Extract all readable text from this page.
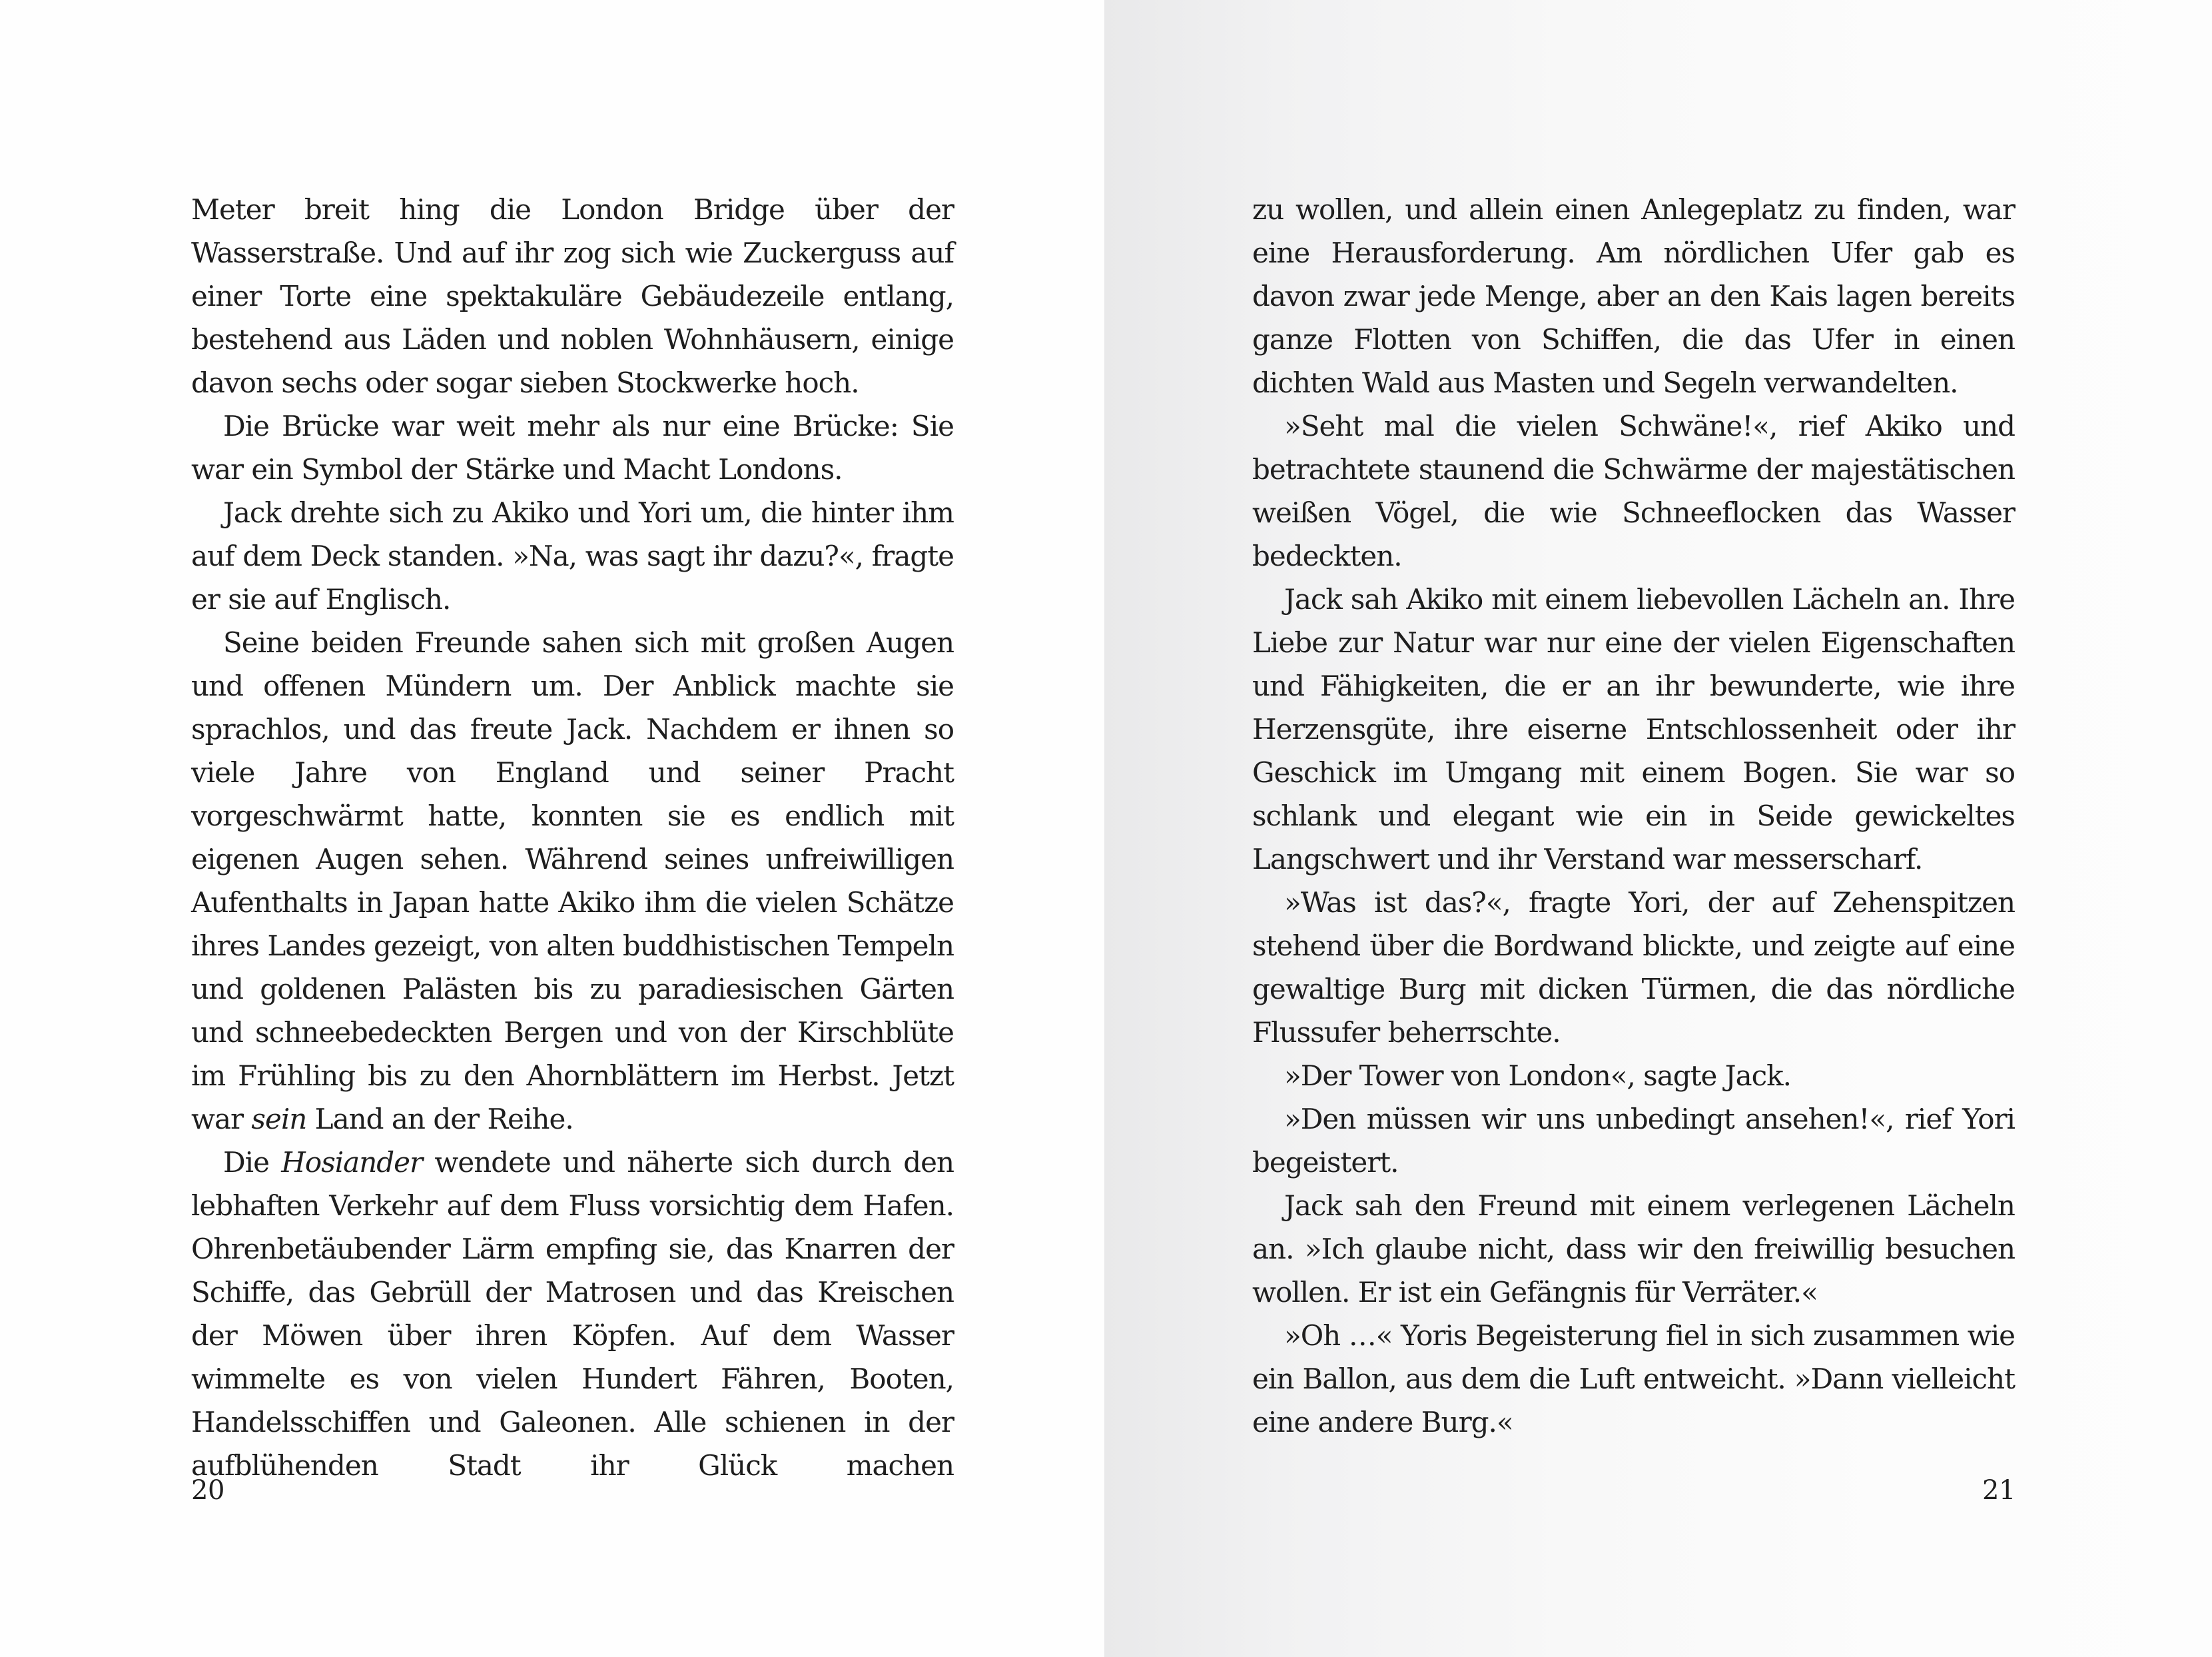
Meter breit hing die London Bridge über der Wasserstraße. Und auf ihr zog sich wie Zuckerguss auf einer Torte eine spektakuläre Gebäudezeile entlang, bestehend aus Läden und noblen Wohnhäusern, einige davon sechs oder sogar sieben Stockwerke hoch.

Die Brücke war weit mehr als nur eine Brücke: Sie war ein Symbol der Stärke und Macht Londons.

Jack drehte sich zu Akiko und Yori um, die hinter ihm auf dem Deck standen. »Na, was sagt ihr dazu?«, fragte er sie auf Englisch.

Seine beiden Freunde sahen sich mit großen Augen und offenen Mündern um. Der Anblick machte sie sprachlos, und das freute Jack. Nachdem er ihnen so viele Jahre von England und seiner Pracht vorgeschwärmt hatte, konnten sie es endlich mit eigenen Augen sehen. Während seines unfreiwilligen Aufenthalts in Japan hatte Akiko ihm die vielen Schätze ihres Landes gezeigt, von alten buddhistischen Tempeln und goldenen Palästen bis zu paradiesischen Gärten und schneebedeckten Bergen und von der Kirschblüte im Frühling bis zu den Ahornblättern im Herbst. Jetzt war sein Land an der Reihe.

Die Hosiander wendete und näherte sich durch den lebhaften Verkehr auf dem Fluss vorsichtig dem Hafen. Ohrenbetäubender Lärm empfing sie, das Knarren der Schiffe, das Gebrüll der Matrosen und das Kreischen der Möwen über ihren Köpfen. Auf dem Wasser wimmelte es von vielen Hundert Fähren, Booten, Handelsschiffen und Galeonen. Alle schienen in der aufblühenden Stadt ihr Glück machen

20

zu wollen, und allein einen Anlegeplatz zu finden, war eine Herausforderung. Am nördlichen Ufer gab es davon zwar jede Menge, aber an den Kais lagen bereits ganze Flotten von Schiffen, die das Ufer in einen dichten Wald aus Masten und Segeln verwandelten.

»Seht mal die vielen Schwäne!«, rief Akiko und betrachtete staunend die Schwärme der majestätischen weißen Vögel, die wie Schneeflocken das Wasser bedeckten.

Jack sah Akiko mit einem liebevollen Lächeln an. Ihre Liebe zur Natur war nur eine der vielen Eigenschaften und Fähigkeiten, die er an ihr bewunderte, wie ihre Herzensgüte, ihre eiserne Entschlossenheit oder ihr Geschick im Umgang mit einem Bogen. Sie war so schlank und elegant wie ein in Seide gewickeltes Langschwert und ihr Verstand war messerscharf.

»Was ist das?«, fragte Yori, der auf Zehenspitzen stehend über die Bordwand blickte, und zeigte auf eine gewaltige Burg mit dicken Türmen, die das nördliche Flussufer beherrschte.

»Der Tower von London«, sagte Jack.

»Den müssen wir uns unbedingt ansehen!«, rief Yori begeistert.

Jack sah den Freund mit einem verlegenen Lächeln an. »Ich glaube nicht, dass wir den freiwillig besuchen wollen. Er ist ein Gefängnis für Verräter.«

»Oh …« Yoris Begeisterung fiel in sich zusammen wie ein Ballon, aus dem die Luft entweicht. »Dann vielleicht eine andere Burg.«

21
